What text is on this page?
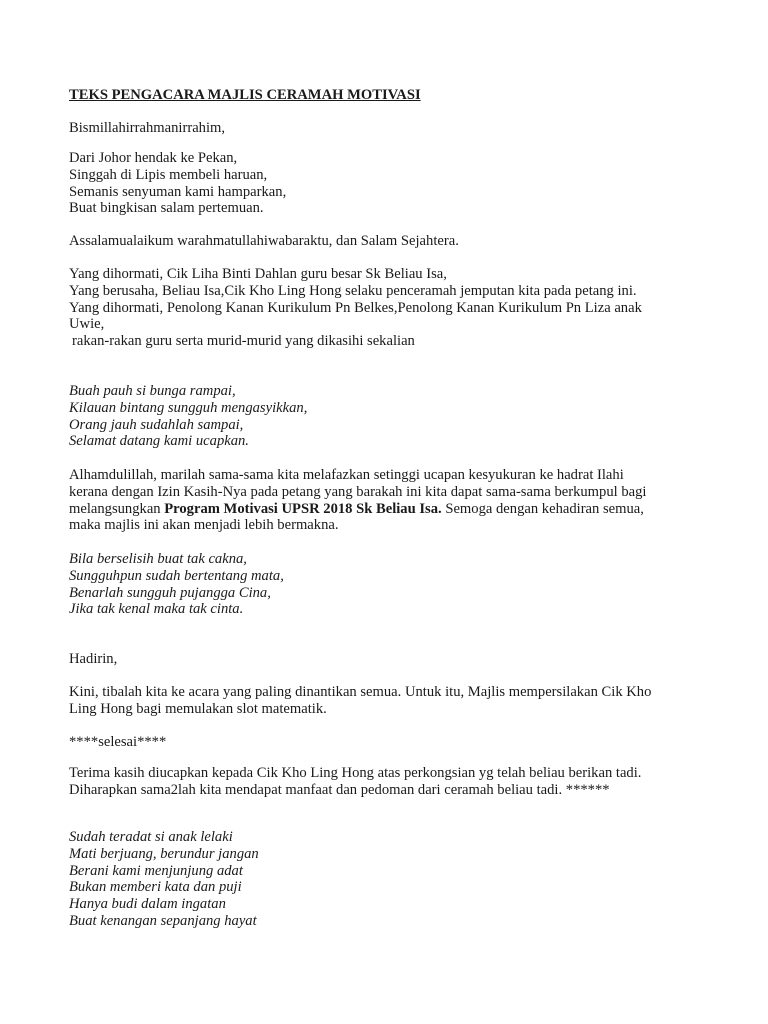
TEKS PENGACARA MAJLIS CERAMAH MOTIVASI

Bismillahirrahmanirrahim,

Dari Johor hendak ke Pekan,

Singgah di Lipis membeli haruan,

Semanis senyuman kami hamparkan,

Buat bingkisan salam pertemuan.

Assalamualaikum warahmatullahiwabaraktu, dan Salam Sejahtera.

Yang dihormati, Cik Liha Binti Dahlan guru besar Sk Beliau Isa,

Yang berusaha, Beliau Isa,Cik Kho Ling Hong selaku penceramah jemputan kita pada petang ini.

Yang dihormati, Penolong Kanan Kurikulum Pn Belkes,Penolong Kanan Kurikulum Pn Liza anak

Uwie,

rakan-rakan guru serta murid-murid yang dikasihi sekalian

Buah pauh si bunga rampai,

Kilauan bintang sungguh mengasyikkan,

Orang jauh sudahlah sampai,

Selamat datang kami ucapkan.

Alhamdulillah, marilah sama-sama kita melafazkan setinggi ucapan kesyukuran ke hadrat Ilahi

kerana dengan Izin Kasih-Nya pada petang yang barakah ini kita dapat sama-sama berkumpul bagi

melangsungkan Program Motivasi UPSR 2018 Sk Beliau Isa. Semoga dengan kehadiran semua,

maka majlis ini akan menjadi lebih bermakna.

Bila berselisih buat tak cakna,

Sungguhpun sudah bertentang mata,

Benarlah sungguh pujangga Cina,

Jika tak kenal maka tak cinta.

Hadirin,

Kini, tibalah kita ke acara yang paling dinantikan semua. Untuk itu, Majlis mempersilakan Cik Kho

Ling Hong bagi memulakan slot matematik.

****selesai****

Terima kasih diucapkan kepada Cik Kho Ling Hong atas perkongsian yg telah beliau berikan tadi.

Diharapkan sama2lah kita mendapat manfaat dan pedoman dari ceramah beliau tadi. ******

Sudah teradat si anak lelaki

Mati berjuang, berundur jangan

Berani kami menjunjung adat

Bukan memberi kata dan puji

Hanya budi dalam ingatan

Buat kenangan sepanjang hayat
